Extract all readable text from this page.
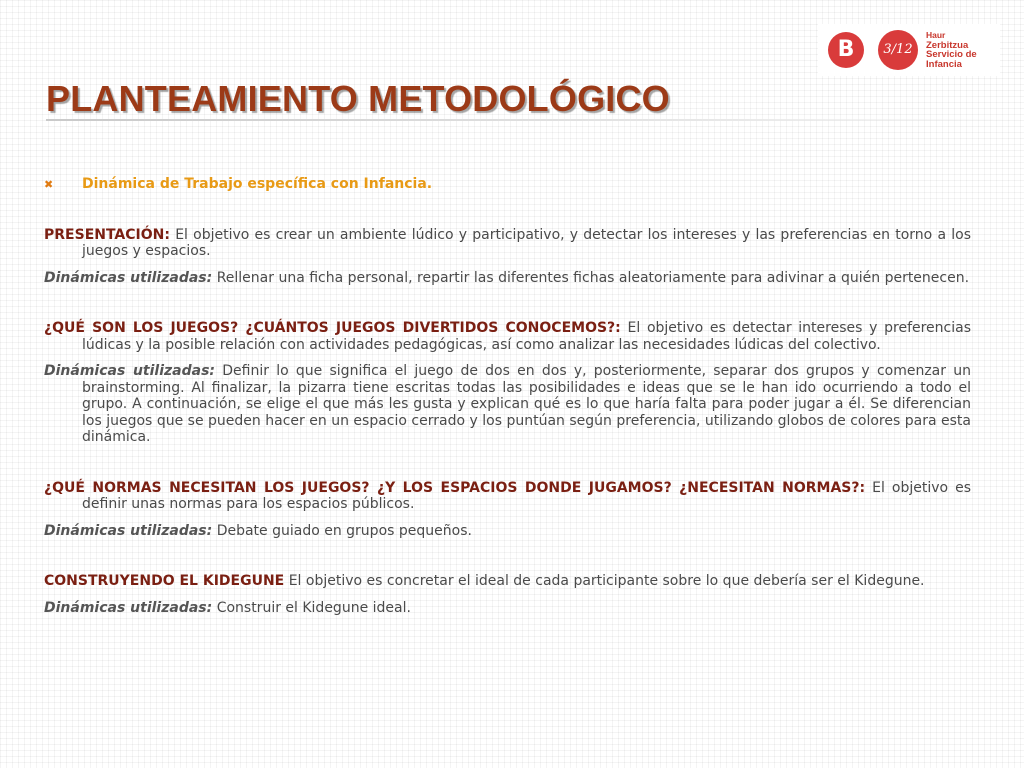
B	3/12
Haur
Zerbitzua
Servicio de
Infancia
PLANTEAMIENTO METODOLÓGICO
✖	Dinámica de Trabajo específica con Infancia.

PRESENTACIÓN: El objetivo es crear un ambiente lúdico y participativo, y detectar los intereses y las preferencias en torno a los juegos y espacios.

Dinámicas utilizadas: Rellenar una ficha personal, repartir las diferentes fichas aleatoriamente para adivinar a quién pertenecen.

¿QUÉ SON LOS JUEGOS? ¿CUÁNTOS JUEGOS DIVERTIDOS CONOCEMOS?: El objetivo es detectar intereses y preferencias lúdicas y la posible relación con actividades pedagógicas, así como analizar las necesidades lúdicas del colectivo.

Dinámicas utilizadas: Definir lo que significa el juego de dos en dos y, posteriormente, separar dos grupos y comenzar un brainstorming. Al finalizar, la pizarra tiene escritas todas las posibilidades e ideas que se le han ido ocurriendo a todo el grupo. A continuación, se elige el que más les gusta y explican qué es lo que haría falta para poder jugar a él. Se diferencian los juegos que se pueden hacer en un espacio cerrado y los puntúan según preferencia, utilizando globos de colores para esta dinámica.

¿QUÉ NORMAS NECESITAN LOS JUEGOS? ¿Y LOS ESPACIOS DONDE JUGAMOS? ¿NECESITAN NORMAS?: El objetivo es definir unas normas para los espacios públicos.

Dinámicas utilizadas: Debate guiado en grupos pequeños.

CONSTRUYENDO EL KIDEGUNE El objetivo es concretar el ideal de cada participante sobre lo que debería ser el Kidegune.

Dinámicas utilizadas: Construir el Kidegune ideal.
